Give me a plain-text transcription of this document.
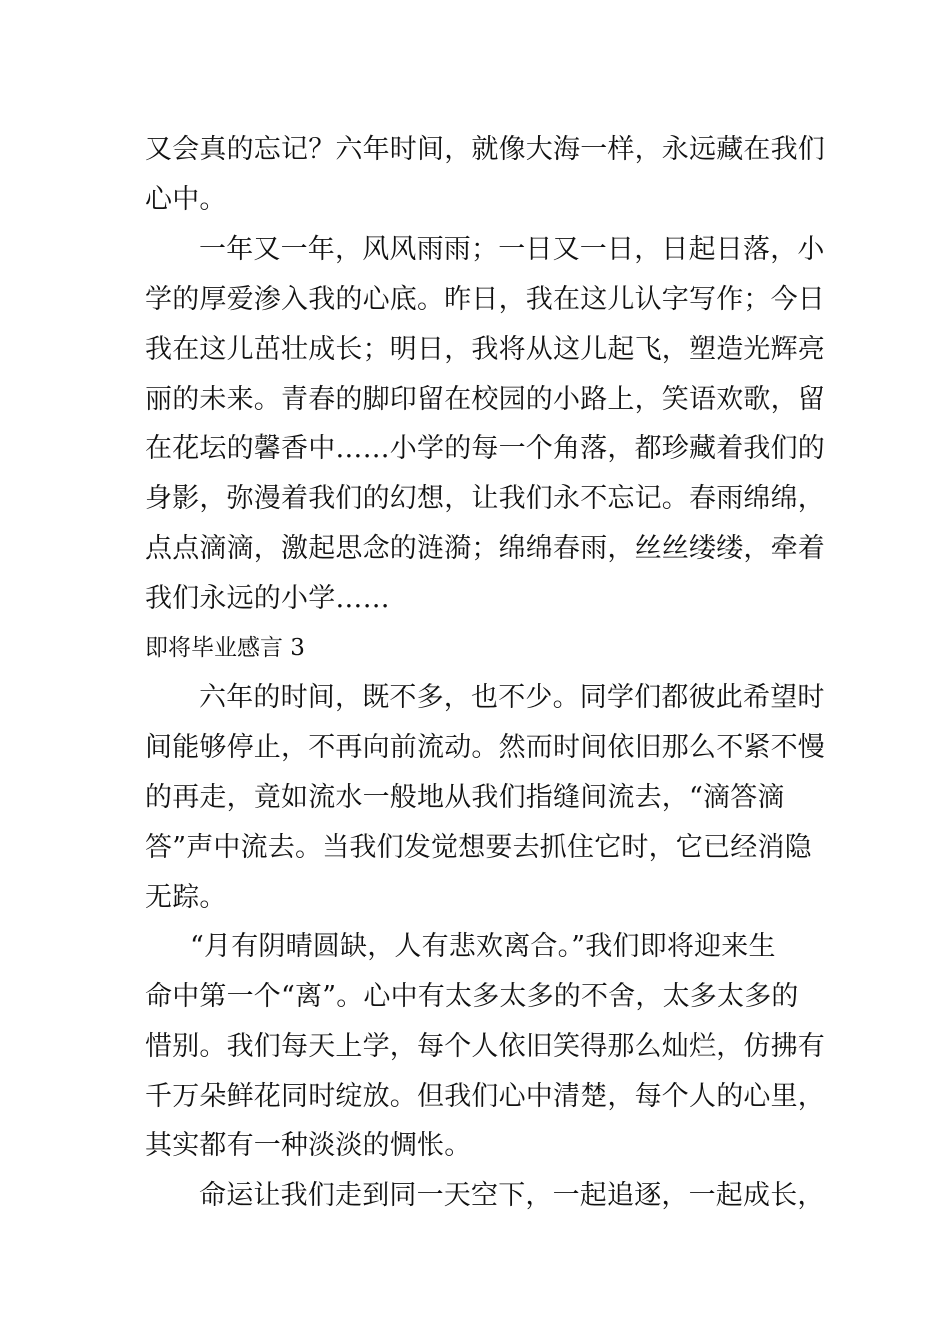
又会真的忘记？六年时间，就像大海一样，永远藏在我们
心中。
一年又一年，风风雨雨；一日又一日，日起日落，小
学的厚爱渗入我的心底。昨日，我在这儿认字写作；今日
我在这儿茁壮成长；明日，我将从这儿起飞，塑造光辉亮
丽的未来。青春的脚印留在校园的小路上，笑语欢歌，留
在花坛的馨香中……小学的每一个角落，都珍藏着我们的
身影，弥漫着我们的幻想，让我们永不忘记。春雨绵绵，
点点滴滴，激起思念的涟漪；绵绵春雨，丝丝缕缕，牵着
我们永远的小学……
即将毕业感言 3
六年的时间，既不多，也不少。同学们都彼此希望时
间能够停止，不再向前流动。然而时间依旧那么不紧不慢
的再走，竟如流水一般地从我们指缝间流去，“滴答滴
答”声中流去。当我们发觉想要去抓住它时，它已经消隐
无踪。
“月有阴晴圆缺，人有悲欢离合。”我们即将迎来生
命中第一个“离”。心中有太多太多的不舍，太多太多的
惜别。我们每天上学，每个人依旧笑得那么灿烂，仿拂有
千万朵鲜花同时绽放。但我们心中清楚，每个人的心里，
其实都有一种淡淡的惆怅。
命运让我们走到同一天空下，一起追逐，一起成长，
